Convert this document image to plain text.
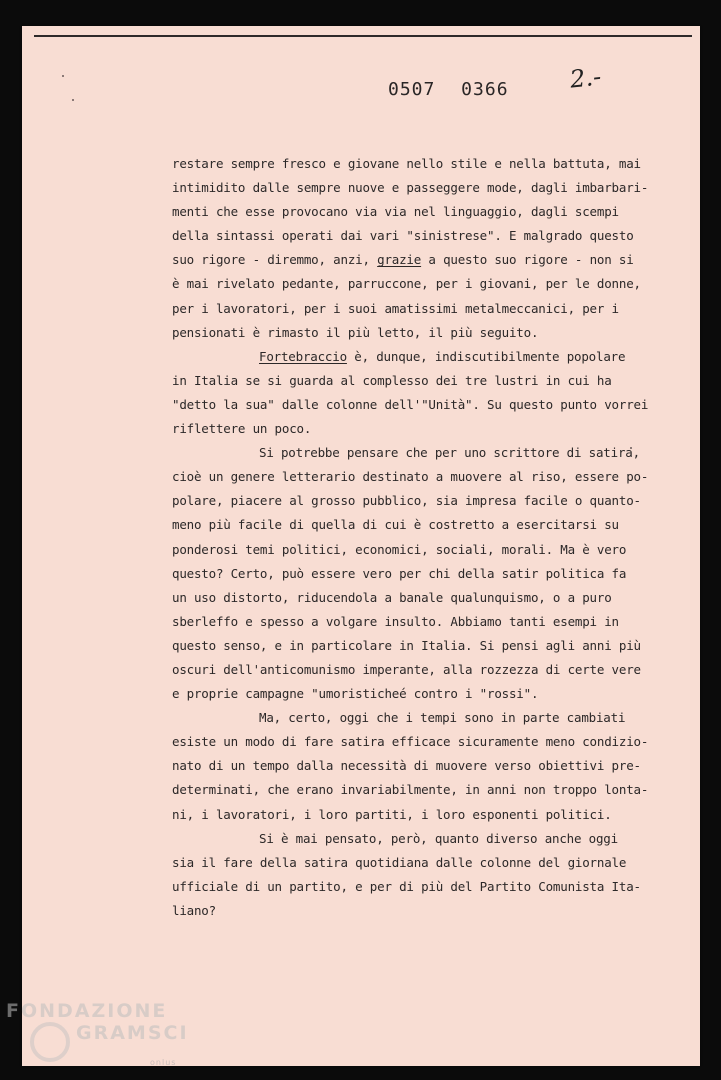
0507 0366	2.-
restare sempre fresco e giovane nello stile e nella battuta, mai
intimidito dalle sempre nuove e passeggere mode, dagli imbarbari-
menti che esse provocano via via nel linguaggio, dagli scempi
della sintassi operati dai vari "sinistrese". E malgrado questo
suo rigore - diremmo, anzi, grazie a questo suo rigore - non si
è mai rivelato pedante, parruccone, per i giovani, per le donne,
per i lavoratori, per i suoi amatissimi metalmeccanici, per i
pensionati è rimasto il più letto, il più seguito.
Fortebraccio è, dunque, indiscutibilmente popolare
in Italia se si guarda al complesso dei tre lustri in cui ha
"detto la sua" dalle colonne dell'"Unità". Su questo punto vorrei
riflettere un poco.
Si potrebbe pensare che per uno scrittore di satira,
cioè un genere letterario destinato a muovere al riso, essere po-
polare, piacere al grosso pubblico, sia impresa facile o quanto-
meno più facile di quella di cui è costretto a esercitarsi su
ponderosi temi politici, economici, sociali, morali. Ma è vero
questo? Certo, può essere vero per chi della satir politica fa
un uso distorto, riducendola a banale qualunquismo, o a puro
sberleffo e spesso a volgare insulto. Abbiamo tanti esempi in
questo senso, e in particolare in Italia. Si pensi agli anni più
oscuri dell'anticomunismo imperante, alla rozzezza di certe vere
e proprie campagne "umoristicheé contro i "rossi".
Ma, certo, oggi che i tempi sono in parte cambiati
esiste un modo di fare satira efficace sicuramente meno condizio-
nato di un tempo dalla necessità di muovere verso obiettivi pre-
determinati, che erano invariabilmente, in anni non troppo lonta-
ni, i lavoratori, i loro partiti, i loro esponenti politici.
Si è mai pensato, però, quanto diverso anche oggi
sia il fare della satira quotidiana dalle colonne del giornale
ufficiale di un partito, e per di più del Partito Comunista Ita-
liano?
FONDAZIONE
GRAMSCI
onlus
